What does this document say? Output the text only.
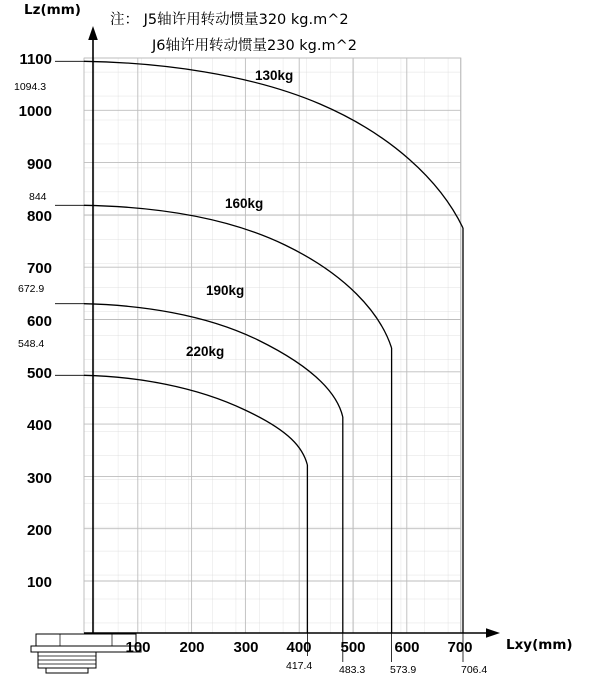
注： J5轴许用转动惯量320 kg.m^2
J6轴许用转动惯量230 kg.m^2
Lz(mm)
Lxy(mm)
1100
1000
900
800
700
600
500
400
300
200
100
1094.3
844
672.9
548.4
100	200	300	400	500	600	700
417.4	483.3 573.9	706.4
130kg
160kg
190kg
220kg
